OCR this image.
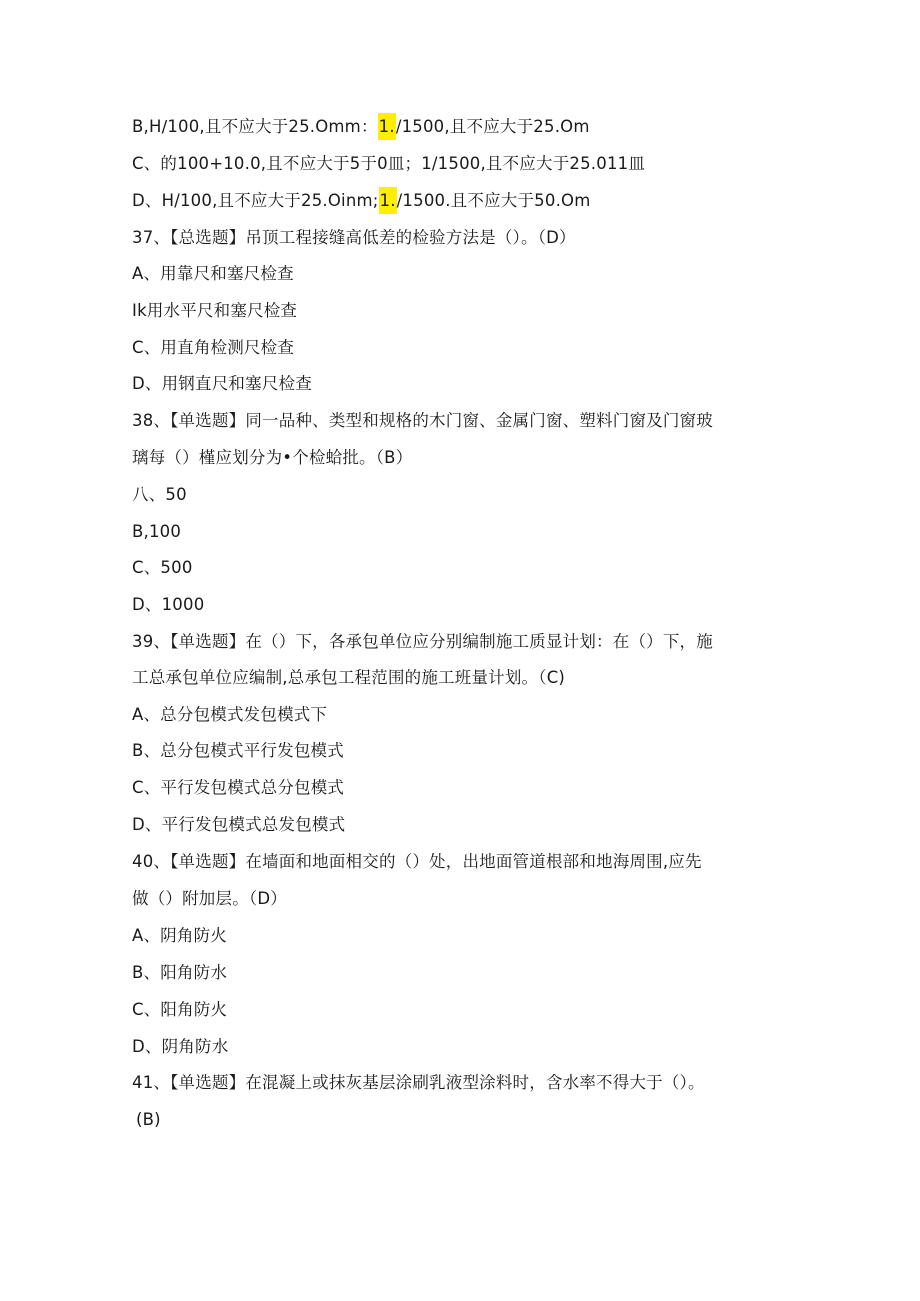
B,H∕100,且不应大于25.Omm：1./1500,且不应大于25.Om
C、的100+10.0,且不应大于5于0皿；1/1500,且不应大于25.011皿
D、H/100,且不应大于25.Oinm;1./1500.且不应大于50.Om
37、【总选题】吊顶工程接缝高低差的检验方法是（）。（D）
A、用靠尺和塞尺检查
Ik用水平尺和塞尺检查
C、用直角检测尺检查
D、用钢直尺和塞尺检查
38、【单选题】同一品种、类型和规格的木门窗、金属门窗、塑料门窗及门窗玻
璃每（）槿应划分为•个检蛤批。（B）
八、50
B,100
C、500
D、1000
39、【单选题】在（）下，各承包单位应分别编制施工质显计划：在（）下，施
工总承包单位应编制,总承包工程范围的施工班量计划。（C)
A、总分包模式发包模式下
B、总分包模式平行发包模式
C、平行发包模式总分包模式
D、平行发包模式总发包模式
40、【单选题】在墙面和地面相交的（）处，出地面管道根部和地海周围,应先
做（）附加层。（D）
A、阴角防火
B、阳角防水
C、阳角防火
D、阴角防水
41、【单选题】在混凝上或抹灰基层涂刷乳液型涂料时，含水率不得大于（）。
(B)
